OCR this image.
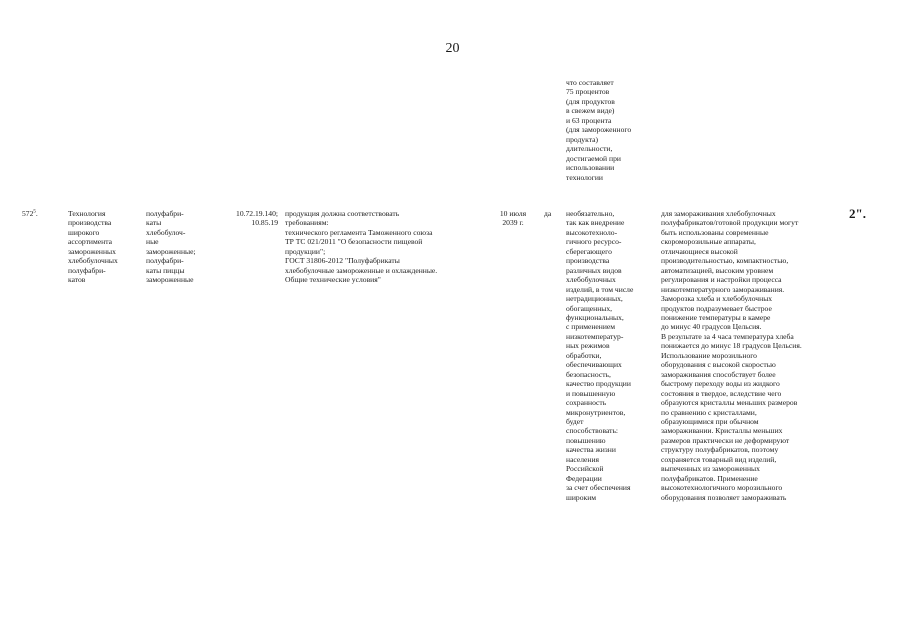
20
что составляет
75 процентов
(для продуктов
в свежем виде)
и 63 процента
(для замороженного
продукта)
длительности,
достигаемой при
использовании
технологии
$572^5$.	Технология
производства
широкого
ассортимента
замороженных
хлебобулочных
полуфабри-
катов
полуфабри-
каты
хлебобулоч-
ные
замороженные;
полуфабри-
каты пиццы
замороженные
10.72.19.140;
10.85.19
продукция должна соответствовать
требованиям:
технического регламента Таможенного союза
ТР ТС 021/2011 "О безопасности пищевой
продукции";
ГОСТ 31806-2012 "Полуфабрикаты
хлебобулочные замороженные и охлажденные.
Общие технические условия"
10 июля
2039 г.
да необязательно,
так как внедрение
высокотехноло-
гичного ресурсо-
сберегающего
производства
различных видов
хлебобулочных
изделий, в том числе
нетрадиционных,
обогащенных,
функциональных,
с применением
низкотемператур-
ных режимов
обработки,
обеспечивающих
безопасность,
качество продукции
и повышенную
сохранность
микронутриентов,
будет
способствовать:
повышению
качества жизни
населения
Российской
Федерации
за счет обеспечения
широким
для замораживания хлебобулочных
полуфабрикатов/готовой продукции могут
быть использованы современные
скороморозильные аппараты,
отличающиеся высокой
производительностью, компактностью,
автоматизацией, высоким уровнем
регулирования и настройки процесса
низкотемпературного замораживания.
Заморозка хлеба и хлебобулочных
продуктов подразумевает быстрое
понижение температуры в камере
до минус 40 градусов Цельсия.
В результате за 4 часа температура хлеба
понижается до минус 18 градусов Цельсия.
Использование морозильного
оборудования с высокой скоростью
замораживания способствует более
быстрому переходу воды из жидкого
состояния в твердое, вследствие чего
образуются кристаллы меньших размеров
по сравнению с кристаллами,
образующимися при обычном
замораживании. Кристаллы меньших
размеров практически не деформируют
структуру полуфабрикатов, поэтому
сохраняется товарный вид изделий,
выпеченных из замороженных
полуфабрикатов. Применение
высокотехнологичного морозильного
оборудования позволяет замораживать
2".
